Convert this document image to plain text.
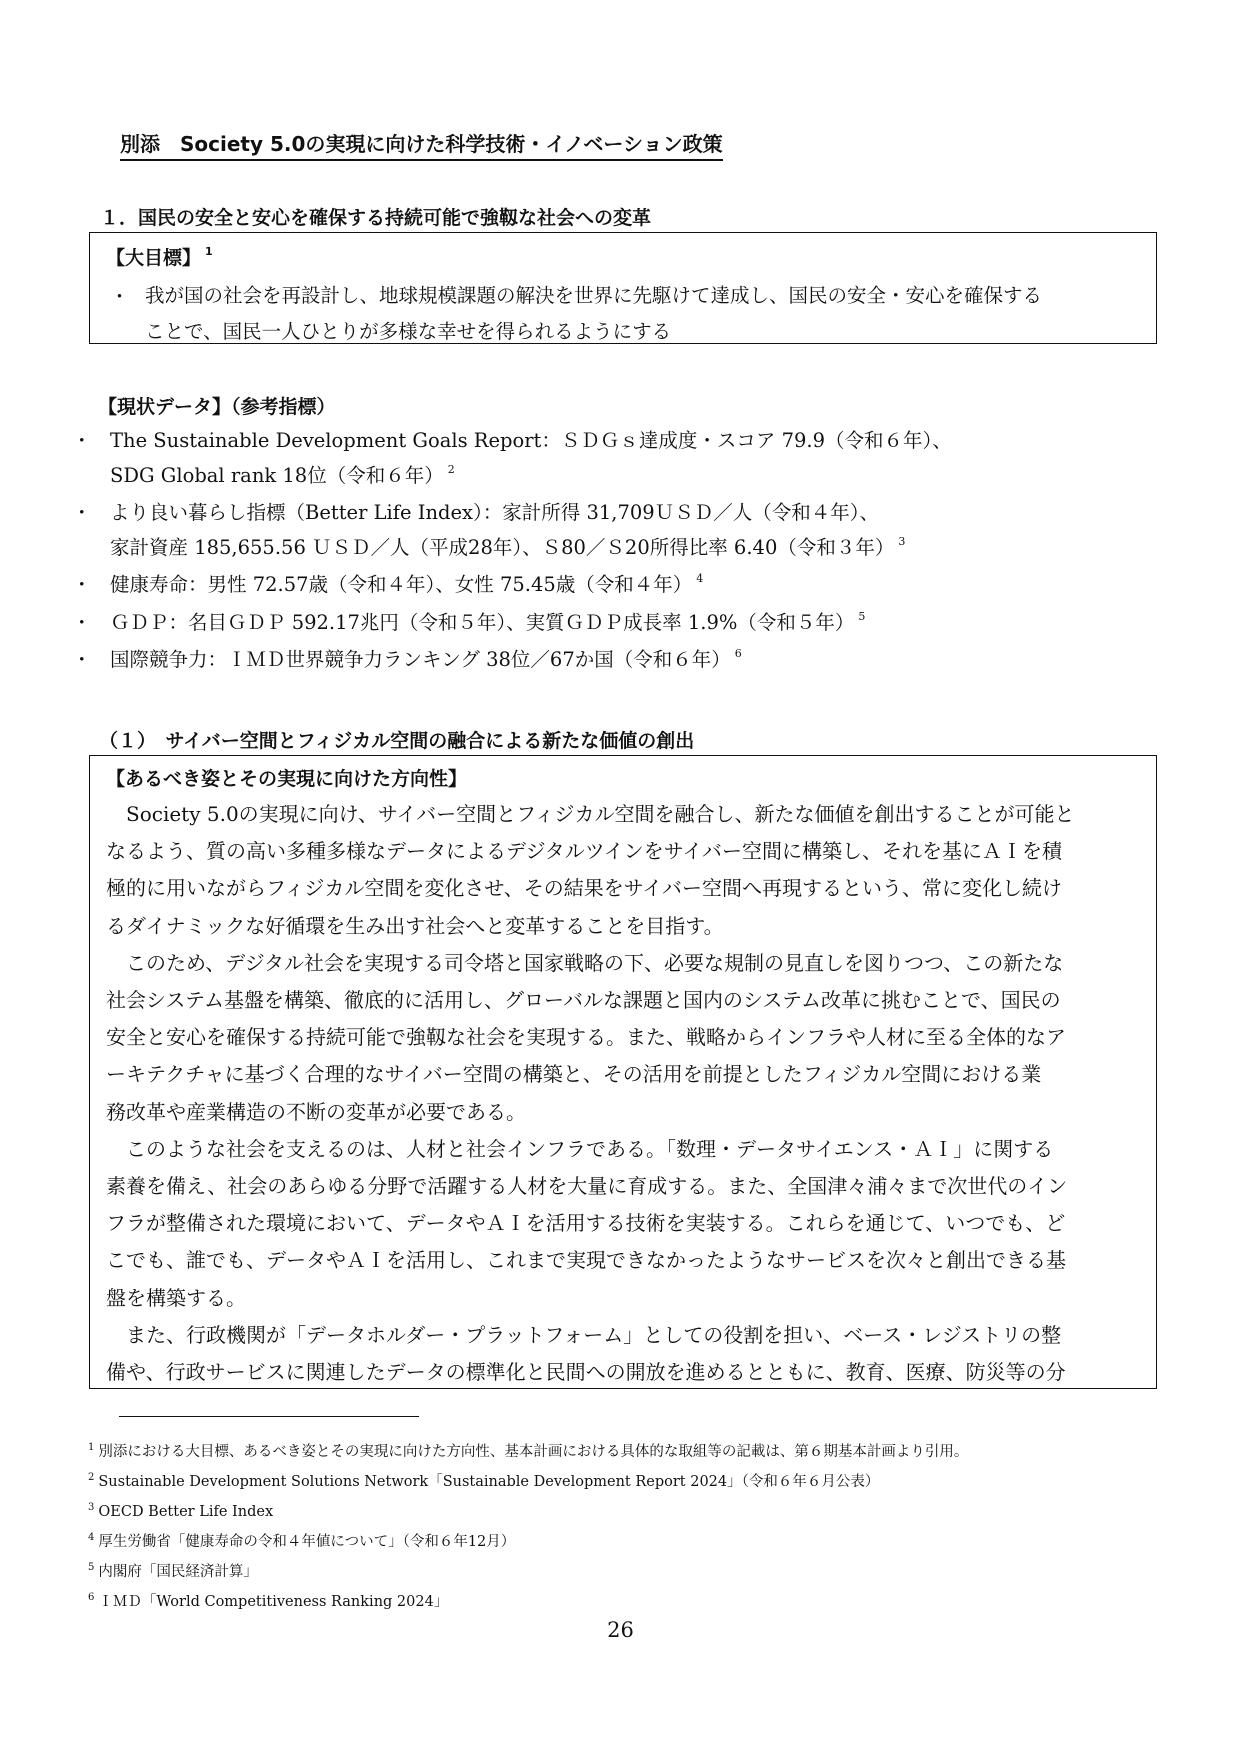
別添　Society 5.0の実現に向けた科学技術・イノベーション政策
１．国民の安全と安心を確保する持続可能で強靱な社会への変革
【大目標】 $^1$
・ 我が国の社会を再設計し、地球規模課題の解決を世界に先駆けて達成し、国民の安全・安心を確保する
ことで、国民一人ひとりが多様な幸せを得られるようにする
【現状データ】（参考指標）
・ The Sustainable Development Goals Report：ＳＤＧｓ達成度・スコア 79.9（令和６年）、
SDG Global rank 18位（令和６年） $^2$
・ より良い暮らし指標（Better Life Index）：家計所得 31,709ＵＳＤ／人（令和４年）、
家計資産 185,655.56 ＵＳＤ／人（平成28年）、Ｓ80／Ｓ20所得比率 6.40（令和３年） $^3$
・ 健康寿命：男性 72.57歳（令和４年）、女性 75.45歳（令和４年） $^4$
・ ＧＤＰ：名目ＧＤＰ 592.17兆円（令和５年）、実質ＧＤＰ成長率 1.9%（令和５年） $^5$
・ 国際競争力：ＩＭＤ世界競争力ランキング 38位／67か国（令和６年） $^6$
（１）　サイバー空間とフィジカル空間の融合による新たな価値の創出
【あるべき姿とその実現に向けた方向性】
　Society 5.0の実現に向け、サイバー空間とフィジカル空間を融合し、新たな価値を創出することが可能と
なるよう、質の高い多種多様なデータによるデジタルツインをサイバー空間に構築し、それを基にＡＩを積
極的に用いながらフィジカル空間を変化させ、その結果をサイバー空間へ再現するという、常に変化し続け
るダイナミックな好循環を生み出す社会へと変革することを目指す。
　このため、デジタル社会を実現する司令塔と国家戦略の下、必要な規制の見直しを図りつつ、この新たな
社会システム基盤を構築、徹底的に活用し、グローバルな課題と国内のシステム改革に挑むことで、国民の
安全と安心を確保する持続可能で強靱な社会を実現する。また、戦略からインフラや人材に至る全体的なア
ーキテクチャに基づく合理的なサイバー空間の構築と、その活用を前提としたフィジカル空間における業
務改革や産業構造の不断の変革が必要である。
　このような社会を支えるのは、人材と社会インフラである。「数理・データサイエンス・ＡＩ」に関する
素養を備え、社会のあらゆる分野で活躍する人材を大量に育成する。また、全国津々浦々まで次世代のイン
フラが整備された環境において、データやＡＩを活用する技術を実装する。これらを通じて、いつでも、ど
こでも、誰でも、データやＡＩを活用し、これまで実現できなかったようなサービスを次々と創出できる基
盤を構築する。
　また、行政機関が「データホルダー・プラットフォーム」としての役割を担い、ベース・レジストリの整
備や、行政サービスに関連したデータの標準化と民間への開放を進めるとともに、教育、医療、防災等の分
$^1$ 別添における大目標、あるべき姿とその実現に向けた方向性、基本計画における具体的な取組等の記載は、第６期基本計画より引用。
$^2$ Sustainable Development Solutions Network「Sustainable Development Report 2024」（令和６年６月公表）
$^3$ OECD Better Life Index
$^4$ 厚生労働省「健康寿命の令和４年値について」（令和６年12月）
$^5$ 内閣府「国民経済計算」
$^6$ ＩＭＤ「World Competitiveness Ranking 2024」
26
